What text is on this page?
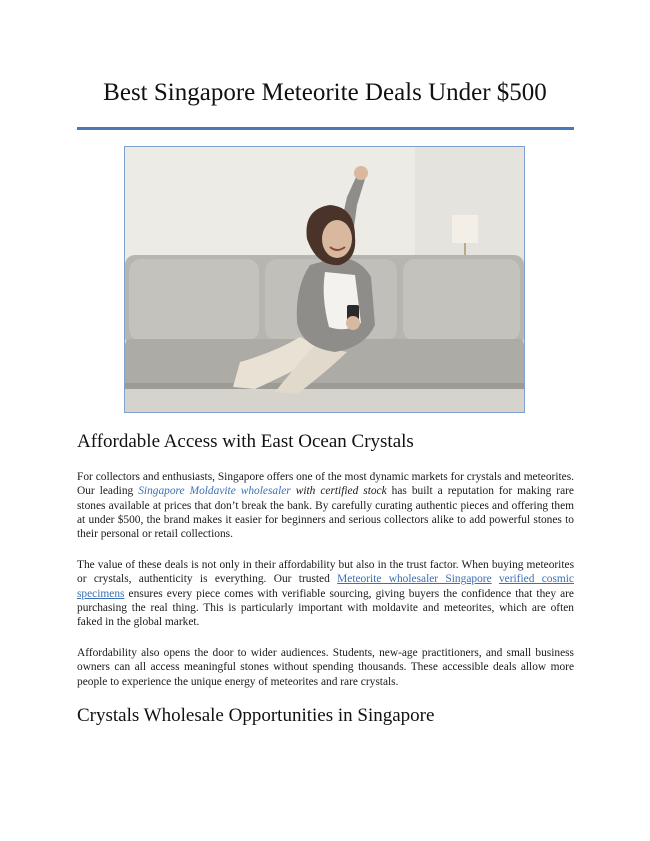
Best Singapore Meteorite Deals Under $500
Affordable Access with East Ocean Crystals

For collectors and enthusiasts, Singapore offers one of the most dynamic markets for crystals and meteorites. Our leading Singapore Moldavite wholesaler with certified stock has built a reputation for making rare stones available at prices that don’t break the bank. By carefully curating authentic pieces and offering them at under $500, the brand makes it easier for beginners and serious collectors alike to add powerful stones to their personal or retail collections.

The value of these deals is not only in their affordability but also in the trust factor. When buying meteorites or crystals, authenticity is everything. Our trusted Meteorite wholesaler Singapore verified cosmic specimens ensures every piece comes with verifiable sourcing, giving buyers the confidence that they are purchasing the real thing. This is particularly important with moldavite and meteorites, which are often faked in the global market.

Affordability also opens the door to wider audiences. Students, new-age practitioners, and small business owners can all access meaningful stones without spending thousands. These accessible deals allow more people to experience the unique energy of meteorites and rare crystals.

Crystals Wholesale Opportunities in Singapore
